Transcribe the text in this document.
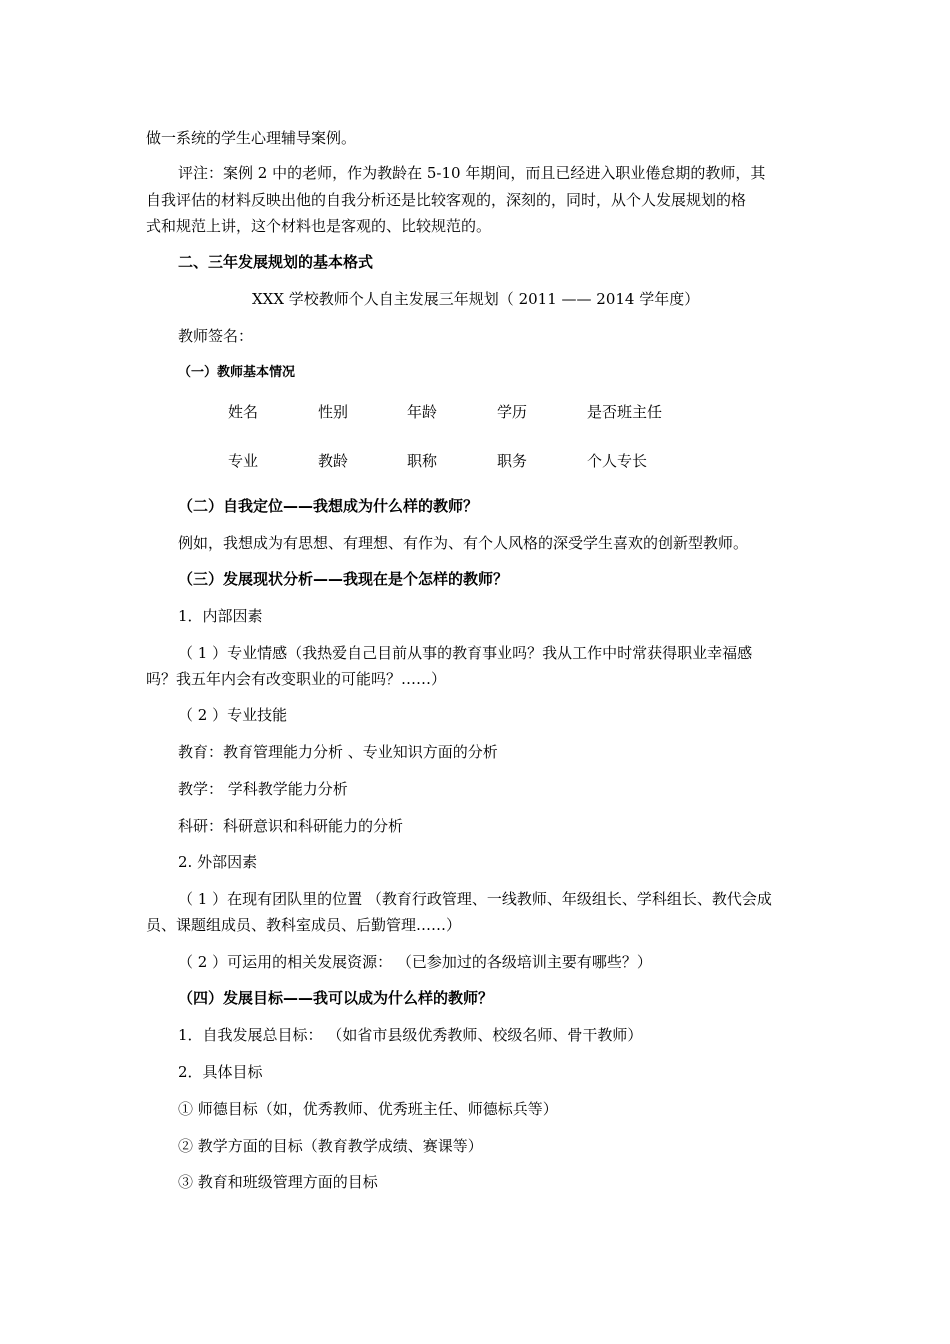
做一系统的学生心理辅导案例。
评注：案例 2 中的老师，作为教龄在 5-10 年期间，而且已经进入职业倦怠期的教师，其
自我评估的材料反映出他的自我分析还是比较客观的，深刻的，同时，从个人发展规划的格
式和规范上讲，这个材料也是客观的、比较规范的。
二、三年发展规划的基本格式
XXX 学校教师个人自主发展三年规划（ 2011 —— 2014 学年度）
教师签名：
（一）教师基本情况
姓名	性别	年龄	学历	是否班主任
专业	教龄	职称	职务	个人专长
（二）自我定位——我想成为什么样的教师？
例如，我想成为有思想、有理想、有作为、有个人风格的深受学生喜欢的创新型教师。
（三）发展现状分析——我现在是个怎样的教师？
1．内部因素
（ 1 ）专业情感（我热爱自己目前从事的教育事业吗？我从工作中时常获得职业幸福感
吗？我五年内会有改变职业的可能吗？……）
（ 2 ）专业技能
教育：教育管理能力分析 、专业知识方面的分析
教学： 学科教学能力分析
科研：科研意识和科研能力的分析
2. 外部因素
（ 1 ）在现有团队里的位置 （教育行政管理、一线教师、年级组长、学科组长、教代会成
员、课题组成员、教科室成员、后勤管理……）
（ 2 ）可运用的相关发展资源： （已参加过的各级培训主要有哪些？）
（四）发展目标——我可以成为什么样的教师？
1．自我发展总目标： （如省市县级优秀教师、校级名师、骨干教师）
2．具体目标
① 师德目标（如，优秀教师、优秀班主任、师德标兵等）
② 教学方面的目标（教育教学成绩、赛课等）
③ 教育和班级管理方面的目标
